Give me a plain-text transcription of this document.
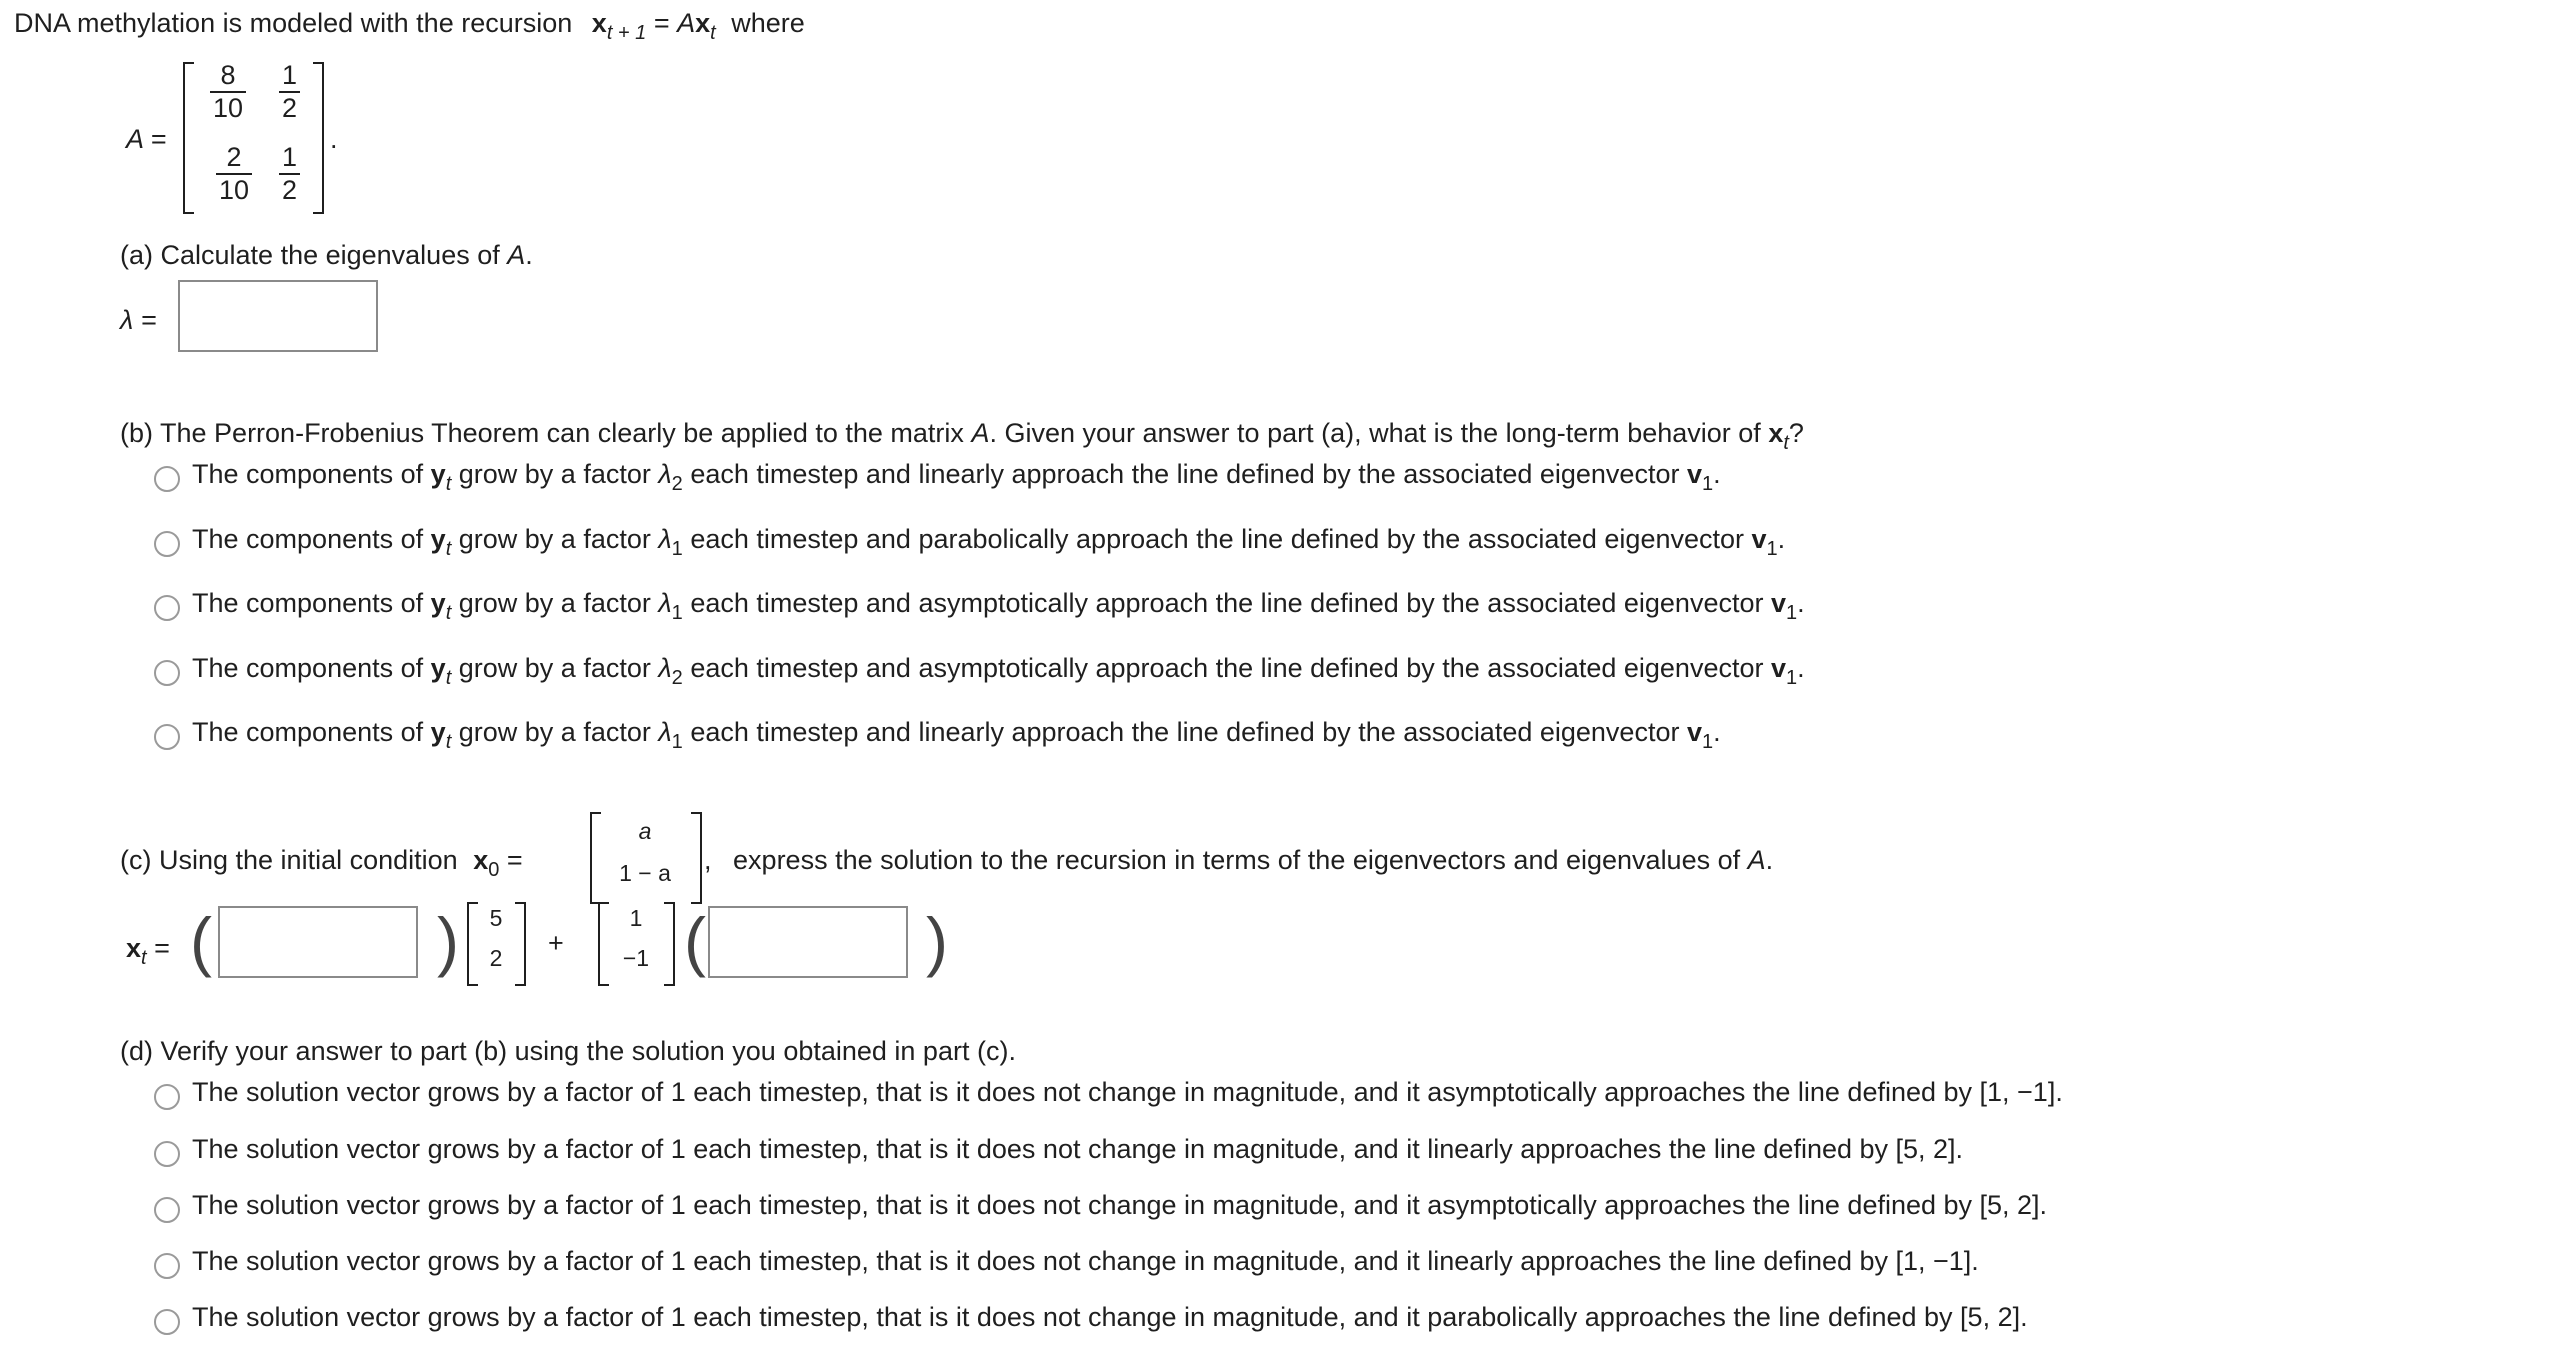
DNA methylation is modeled with the recursion $x_{t + 1} = Ax_t$ where
A =
$\frac{8}{10} \frac{1}{2}$
$\frac{2}{10} \frac{1}{2}$
.
(a) Calculate the eigenvalues of A.
λ =
(b) The Perron-Frobenius Theorem can clearly be applied to the matrix A. Given your answer to part (a), what is the long-term behavior of $x_t$?
The components of $y_t$ grow by a factor $\lambda_2$ each timestep and linearly approach the line defined by the associated eigenvector $v_1$.
The components of $y_t$ grow by a factor $\lambda_1$ each timestep and parabolically approach the line defined by the associated eigenvector $v_1$.
The components of $y_t$ grow by a factor $\lambda_1$ each timestep and asymptotically approach the line defined by the associated eigenvector $v_1$.
The components of $y_t$ grow by a factor $\lambda_2$ each timestep and asymptotically approach the line defined by the associated eigenvector $v_1$.
The components of $y_t$ grow by a factor $\lambda_1$ each timestep and linearly approach the line defined by the associated eigenvector $v_1$.
(c) Using the initial condition $x_0$ =
a
1 − a	, express the solution to the recursion in terms of the eigenvectors and eigenvalues of A.
$x_t$ = (	)	5
2	+
1
−1 (	)
(d) Verify your answer to part (b) using the solution you obtained in part (c).
The solution vector grows by a factor of 1 each timestep, that is it does not change in magnitude, and it asymptotically approaches the line defined by [1, −1].
The solution vector grows by a factor of 1 each timestep, that is it does not change in magnitude, and it linearly approaches the line defined by [5, 2].
The solution vector grows by a factor of 1 each timestep, that is it does not change in magnitude, and it asymptotically approaches the line defined by [5, 2].
The solution vector grows by a factor of 1 each timestep, that is it does not change in magnitude, and it linearly approaches the line defined by [1, −1].
The solution vector grows by a factor of 1 each timestep, that is it does not change in magnitude, and it parabolically approaches the line defined by [5, 2].
